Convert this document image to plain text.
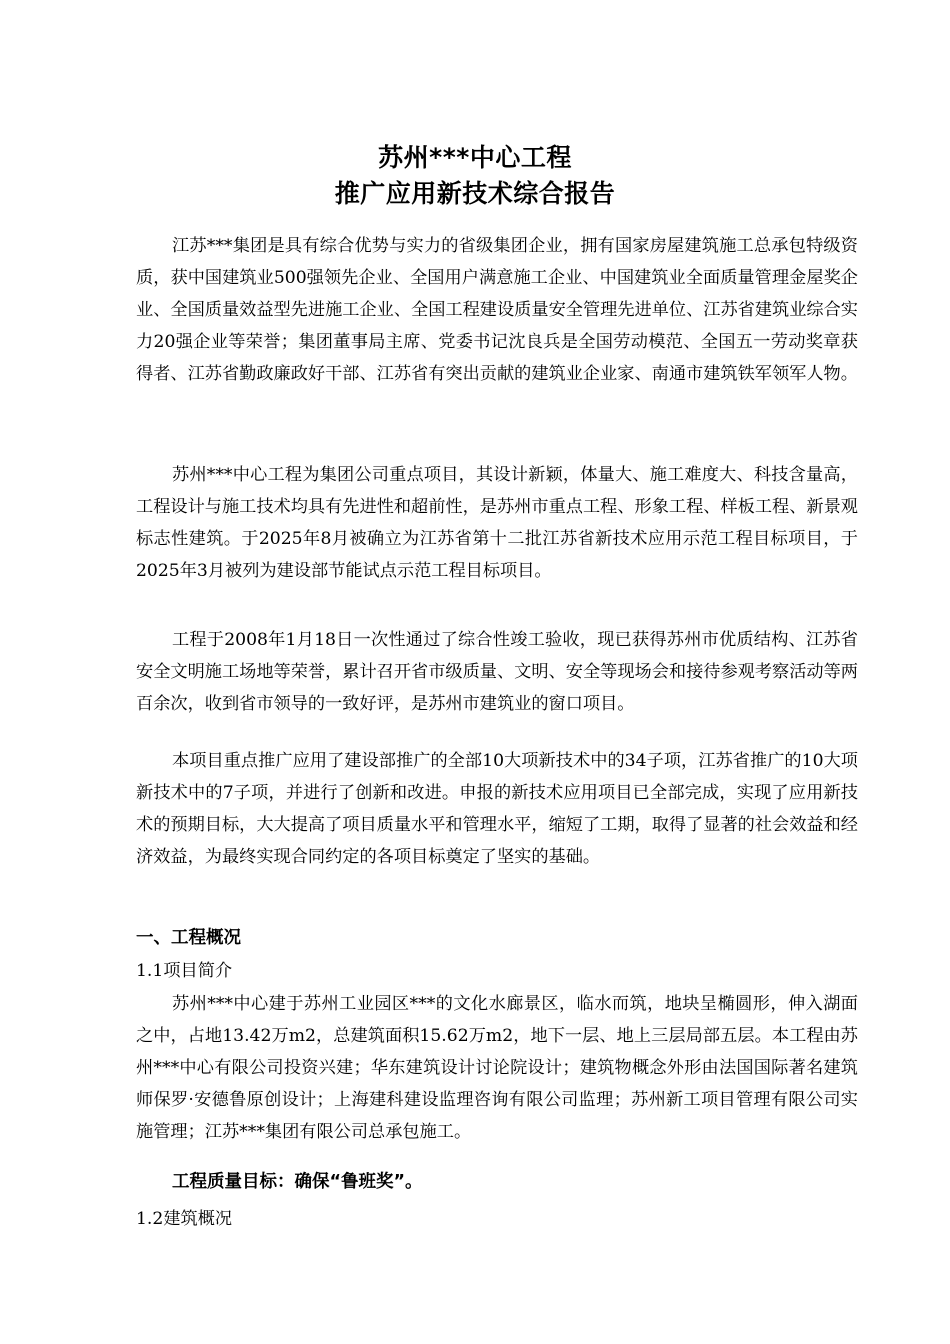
苏州***中心工程
推广应用新技术综合报告

江苏***集团是具有综合优势与实力的省级集团企业，拥有国家房屋建筑施工总承包特级资质，获中国建筑业500强领先企业、全国用户满意施工企业、中国建筑业全面质量管理金屋奖企业、全国质量效益型先进施工企业、全国工程建设质量安全管理先进单位、江苏省建筑业综合实力20强企业等荣誉；集团董事局主席、党委书记沈良兵是全国劳动模范、全国五一劳动奖章获得者、江苏省勤政廉政好干部、江苏省有突出贡献的建筑业企业家、南通市建筑铁军领军人物。

苏州***中心工程为集团公司重点项目，其设计新颖，体量大、施工难度大、科技含量高，工程设计与施工技术均具有先进性和超前性，是苏州市重点工程、形象工程、样板工程、新景观标志性建筑。于2025年8月被确立为江苏省第十二批江苏省新技术应用示范工程目标项目，于2025年3月被列为建设部节能试点示范工程目标项目。

工程于2008年1月18日一次性通过了综合性竣工验收，现已获得苏州市优质结构、江苏省安全文明施工场地等荣誉，累计召开省市级质量、文明、安全等现场会和接待参观考察活动等两百余次，收到省市领导的一致好评，是苏州市建筑业的窗口项目。

本项目重点推广应用了建设部推广的全部10大项新技术中的34子项，江苏省推广的10大项新技术中的7子项，并进行了创新和改进。申报的新技术应用项目已全部完成，实现了应用新技术的预期目标，大大提高了项目质量水平和管理水平，缩短了工期，取得了显著的社会效益和经济效益，为最终实现合同约定的各项目标奠定了坚实的基础。

一、工程概况
1.1项目简介

苏州***中心建于苏州工业园区***的文化水廊景区，临水而筑，地块呈椭圆形，伸入湖面之中，占地13.42万m2，总建筑面积15.62万m2，地下一层、地上三层局部五层。本工程由苏州***中心有限公司投资兴建；华东建筑设计讨论院设计；建筑物概念外形由法国国际著名建筑师保罗·安德鲁原创设计；上海建科建设监理咨询有限公司监理；苏州新工项目管理有限公司实施管理；江苏***集团有限公司总承包施工。

工程质量目标：确保“鲁班奖”。
1.2建筑概况
